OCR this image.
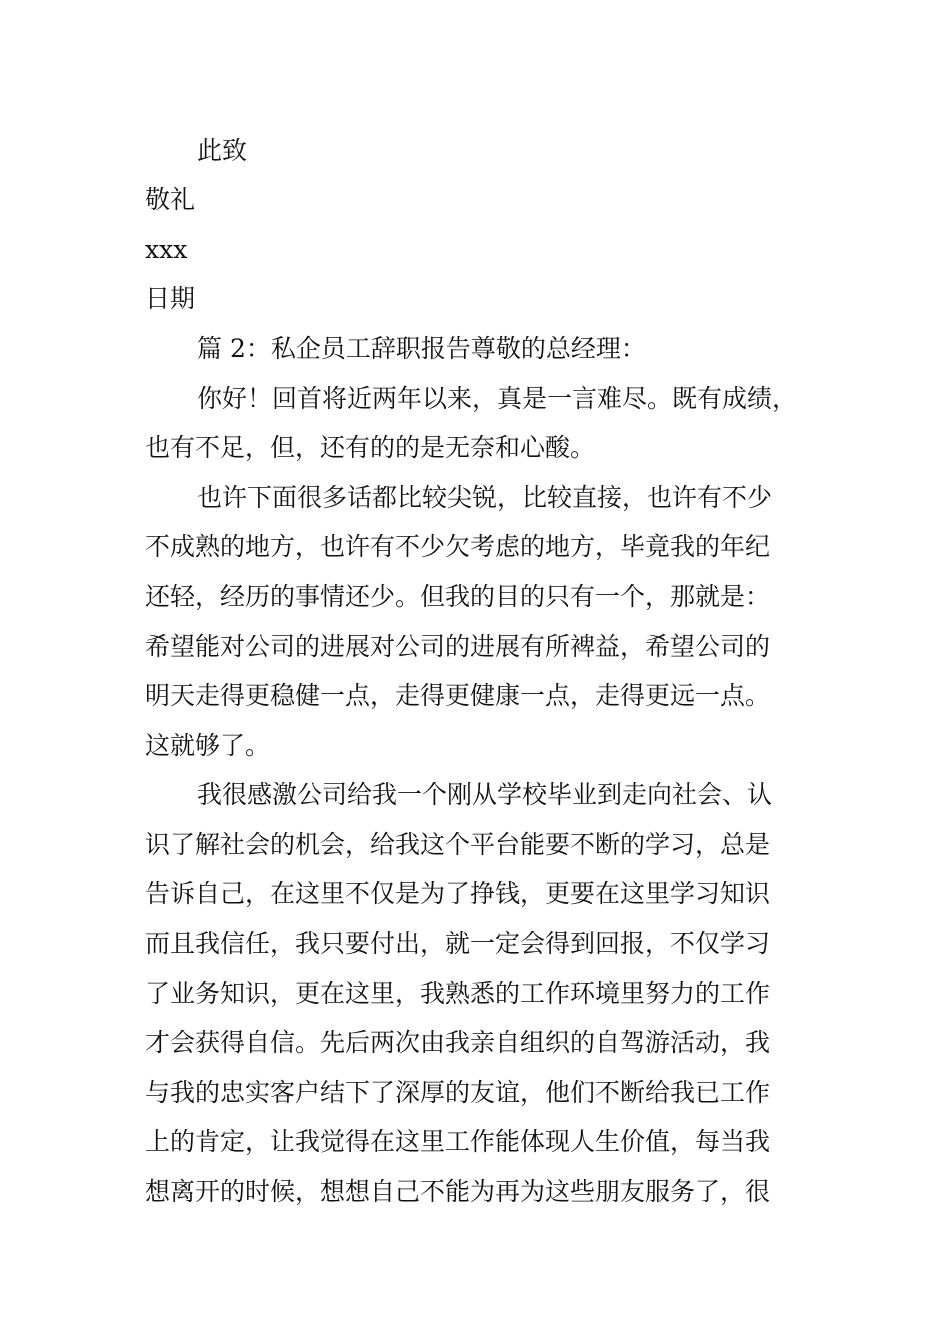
此致
敬礼
xxx
日期
篇 2：私企员工辞职报告尊敬的总经理：
你好！回首将近两年以来，真是一言难尽。既有成绩，
也有不足，但，还有的的是无奈和心酸。
也许下面很多话都比较尖锐，比较直接，也许有不少
不成熟的地方，也许有不少欠考虑的地方，毕竟我的年纪
还轻，经历的事情还少。但我的目的只有一个，那就是：
希望能对公司的进展对公司的进展有所裨益，希望公司的
明天走得更稳健一点，走得更健康一点，走得更远一点。
这就够了。
我很感激公司给我一个刚从学校毕业到走向社会、认
识了解社会的机会，给我这个平台能要不断的学习，总是
告诉自己，在这里不仅是为了挣钱，更要在这里学习知识
而且我信任，我只要付出，就一定会得到回报，不仅学习
了业务知识，更在这里，我熟悉的工作环境里努力的工作
才会获得自信。先后两次由我亲自组织的自驾游活动，我
与我的忠实客户结下了深厚的友谊，他们不断给我已工作
上的肯定，让我觉得在这里工作能体现人生价值，每当我
想离开的时候，想想自己不能为再为这些朋友服务了，很
